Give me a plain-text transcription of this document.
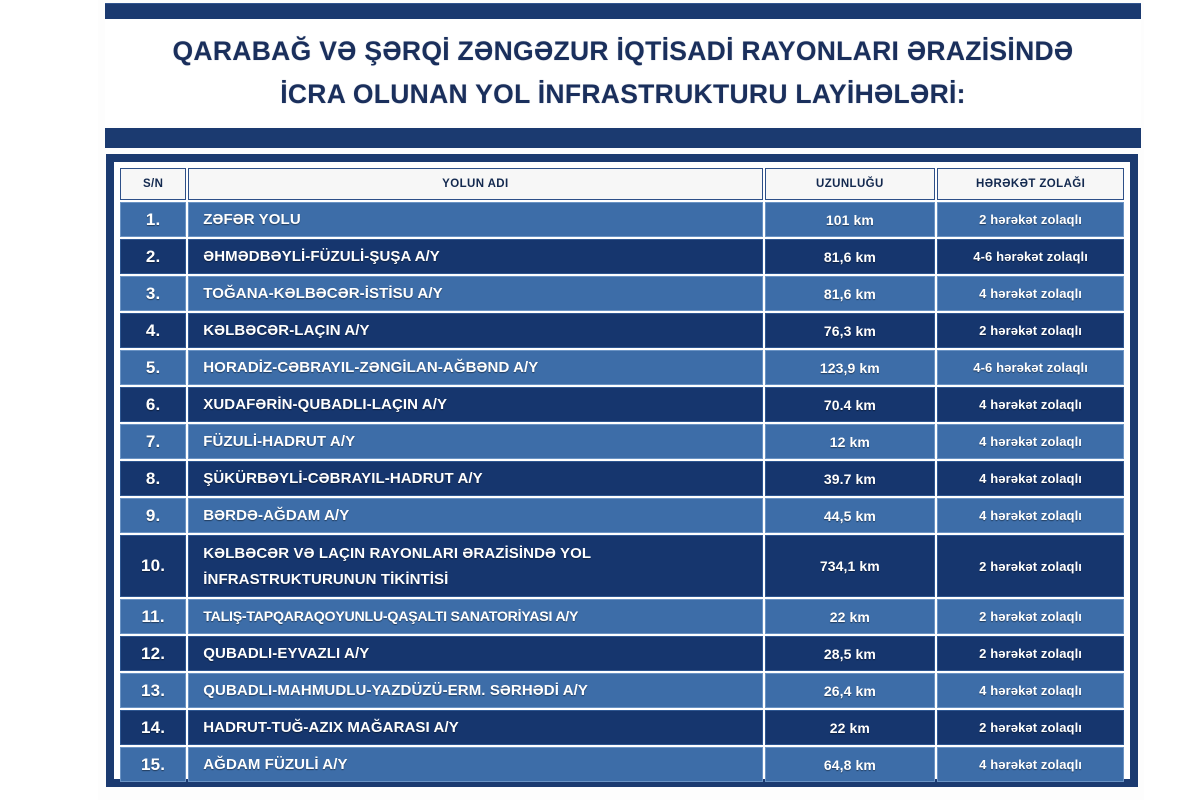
QARABAĞ VƏ ŞƏRQİ ZƏNGƏZUR İQTİSADİ RAYONLARI ƏRAZİSİNDƏ
İCRA OLUNAN YOL İNFRASTRUKTURU LAYİHƏLƏRİ:
S/N	YOLUN ADI	UZUNLUĞU	HƏRƏKƏT ZOLAĞI
1.	ZƏFƏR YOLU	101 km	2 hərəkət zolaqlı
2.	ƏHMƏDBƏYLİ-FÜZULİ-ŞUŞA A/Y	81,6 km	4-6 hərəkət zolaqlı
3.	TOĞANA-KƏLBƏCƏR-İSTİSU A/Y	81,6 km	4 hərəkət zolaqlı
4.	KƏLBƏCƏR-LAÇIN A/Y	76,3 km	2 hərəkət zolaqlı
5.	HORADİZ-CƏBRAYIL-ZƏNGİLAN-AĞBƏND A/Y	123,9 km	4-6 hərəkət zolaqlı
6.	XUDAFƏRİN-QUBADLI-LAÇIN A/Y	70.4 km	4 hərəkət zolaqlı
7.	FÜZULİ-HADRUT A/Y	12 km	4 hərəkət zolaqlı
8.	ŞÜKÜRBƏYLİ-CƏBRAYIL-HADRUT A/Y	39.7 km	4 hərəkət zolaqlı
9.	BƏRDƏ-AĞDAM A/Y	44,5 km	4 hərəkət zolaqlı
10.	KƏLBƏCƏR VƏ LAÇIN RAYONLARI ƏRAZİSİNDƏ YOL
İNFRASTRUKTURUNUN TİKİNTİSİ	734,1 km	2 hərəkət zolaqlı
11.	TALIŞ-TAPQARAQOYUNLU-QAŞALTI SANATORİYASI A/Y	22 km	2 hərəkət zolaqlı
12.	QUBADLI-EYVAZLI A/Y	28,5 km	2 hərəkət zolaqlı
13.	QUBADLI-MAHMUDLU-YAZDÜZÜ-ERM. SƏRHƏDİ A/Y	26,4 km	4 hərəkət zolaqlı
14.	HADRUT-TUĞ-AZIX MAĞARASI A/Y	22 km	2 hərəkət zolaqlı
15.	AĞDAM FÜZULİ A/Y	64,8 km	4 hərəkət zolaqlı
